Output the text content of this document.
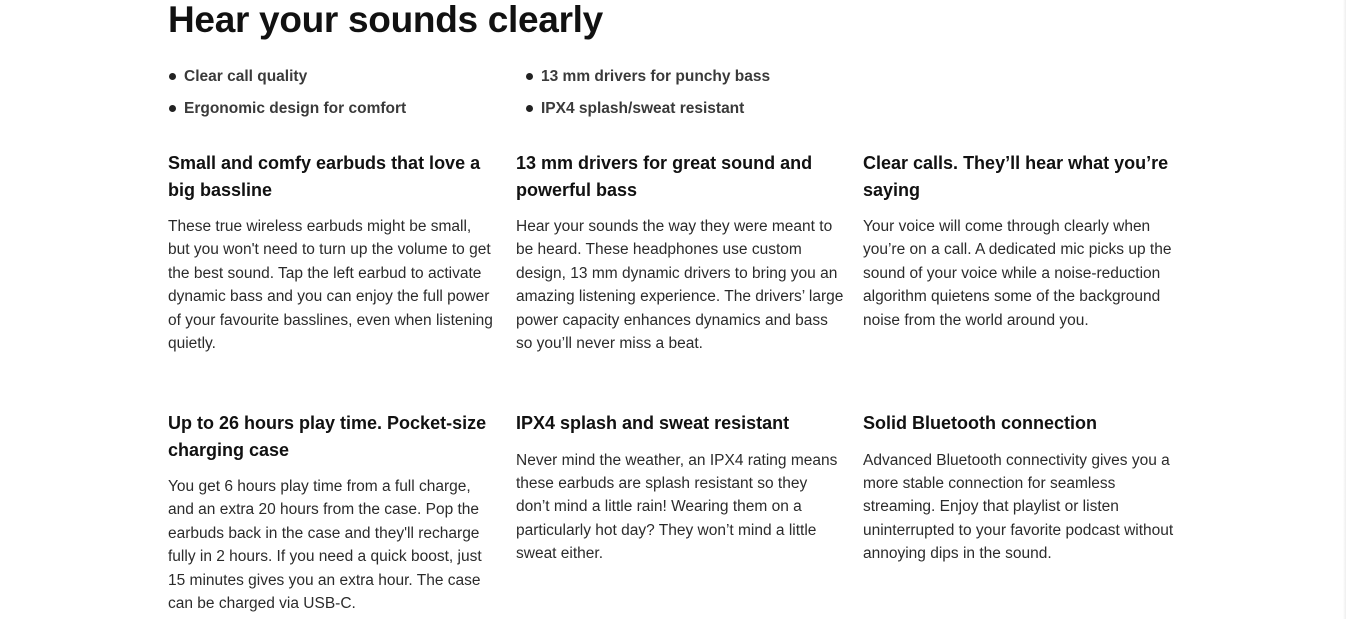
Hear your sounds clearly
Clear call quality
Ergonomic design for comfort
13 mm drivers for punchy bass
IPX4 splash/sweat resistant
Small and comfy earbuds that love a big bassline

These true wireless earbuds might be small, but you won't need to turn up the volume to get the best sound. Tap the left earbud to activate dynamic bass and you can enjoy the full power of your favourite basslines, even when listening quietly.

13 mm drivers for great sound and powerful bass

Hear your sounds the way they were meant to be heard. These headphones use custom design, 13 mm dynamic drivers to bring you an amazing listening experience. The drivers’ large power capacity enhances dynamics and bass so you’ll never miss a beat.

Clear calls. They’ll hear what you’re saying

Your voice will come through clearly when you’re on a call. A dedicated mic picks up the sound of your voice while a noise-reduction algorithm quietens some of the background noise from the world around you.

Up to 26 hours play time. Pocket-size charging case

You get 6 hours play time from a full charge, and an extra 20 hours from the case. Pop the earbuds back in the case and they'll recharge fully in 2 hours. If you need a quick boost, just 15 minutes gives you an extra hour. The case can be charged via USB-C.

IPX4 splash and sweat resistant

Never mind the weather, an IPX4 rating means these earbuds are splash resistant so they don’t mind a little rain! Wearing them on a particularly hot day? They won’t mind a little sweat either.

Solid Bluetooth connection

Advanced Bluetooth connectivity gives you a more stable connection for seamless streaming. Enjoy that playlist or listen uninterrupted to your favorite podcast without annoying dips in the sound.
